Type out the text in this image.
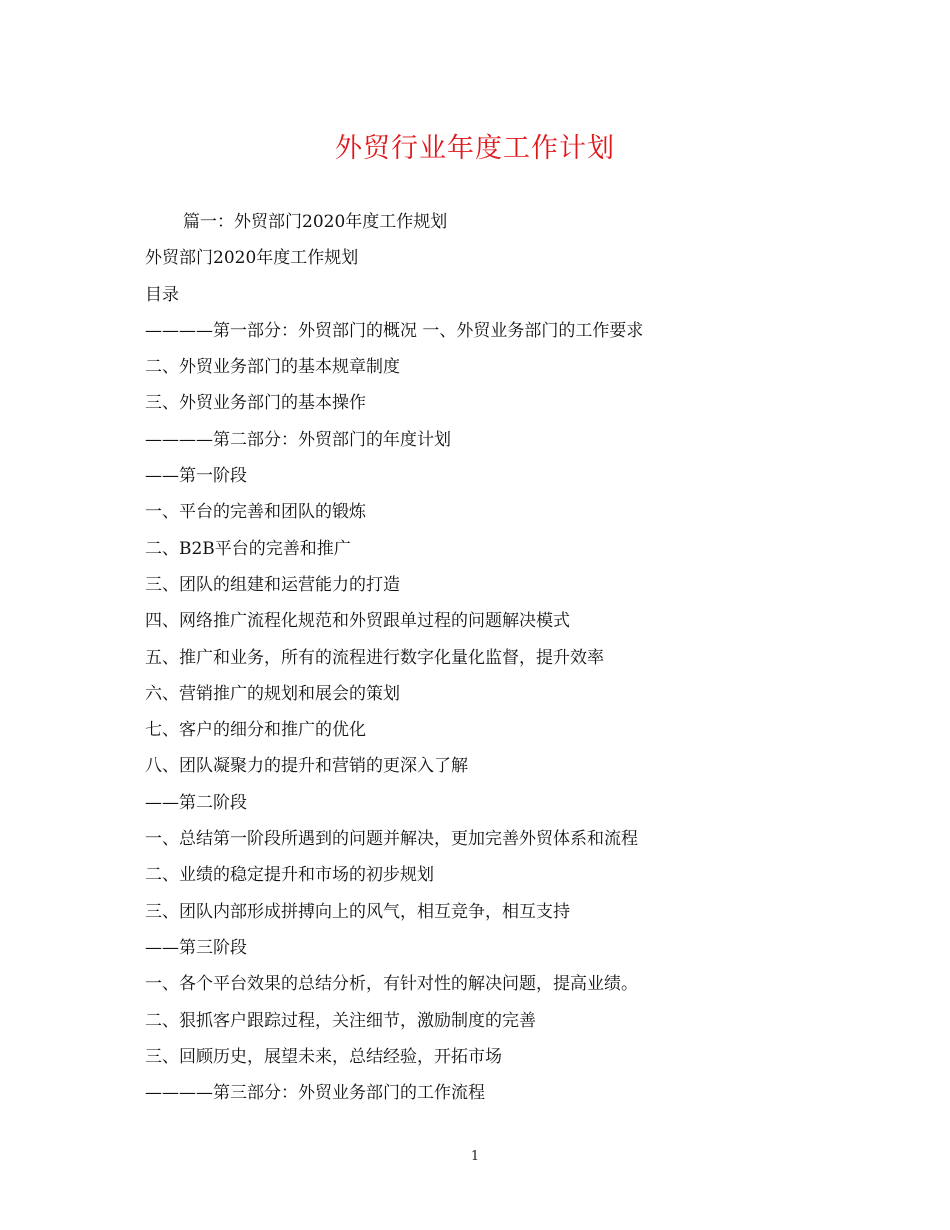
外贸行业年度工作计划
篇一：外贸部门2020年度工作规划
外贸部门2020年度工作规划
目录
————第一部分：外贸部门的概况 一、外贸业务部门的工作要求
二、外贸业务部门的基本规章制度
三、外贸业务部门的基本操作
————第二部分：外贸部门的年度计划
——第一阶段
一、平台的完善和团队的锻炼
二、B2B平台的完善和推广
三、团队的组建和运营能力的打造
四、网络推广流程化规范和外贸跟单过程的问题解决模式
五、推广和业务，所有的流程进行数字化量化监督，提升效率
六、营销推广的规划和展会的策划
七、客户的细分和推广的优化
八、团队凝聚力的提升和营销的更深入了解
——第二阶段
一、总结第一阶段所遇到的问题并解决，更加完善外贸体系和流程
二、业绩的稳定提升和市场的初步规划
三、团队内部形成拼搏向上的风气，相互竞争，相互支持
——第三阶段
一、各个平台效果的总结分析，有针对性的解决问题，提高业绩。
二、狠抓客户跟踪过程，关注细节，激励制度的完善
三、回顾历史，展望未来，总结经验，开拓市场
————第三部分：外贸业务部门的工作流程
1
